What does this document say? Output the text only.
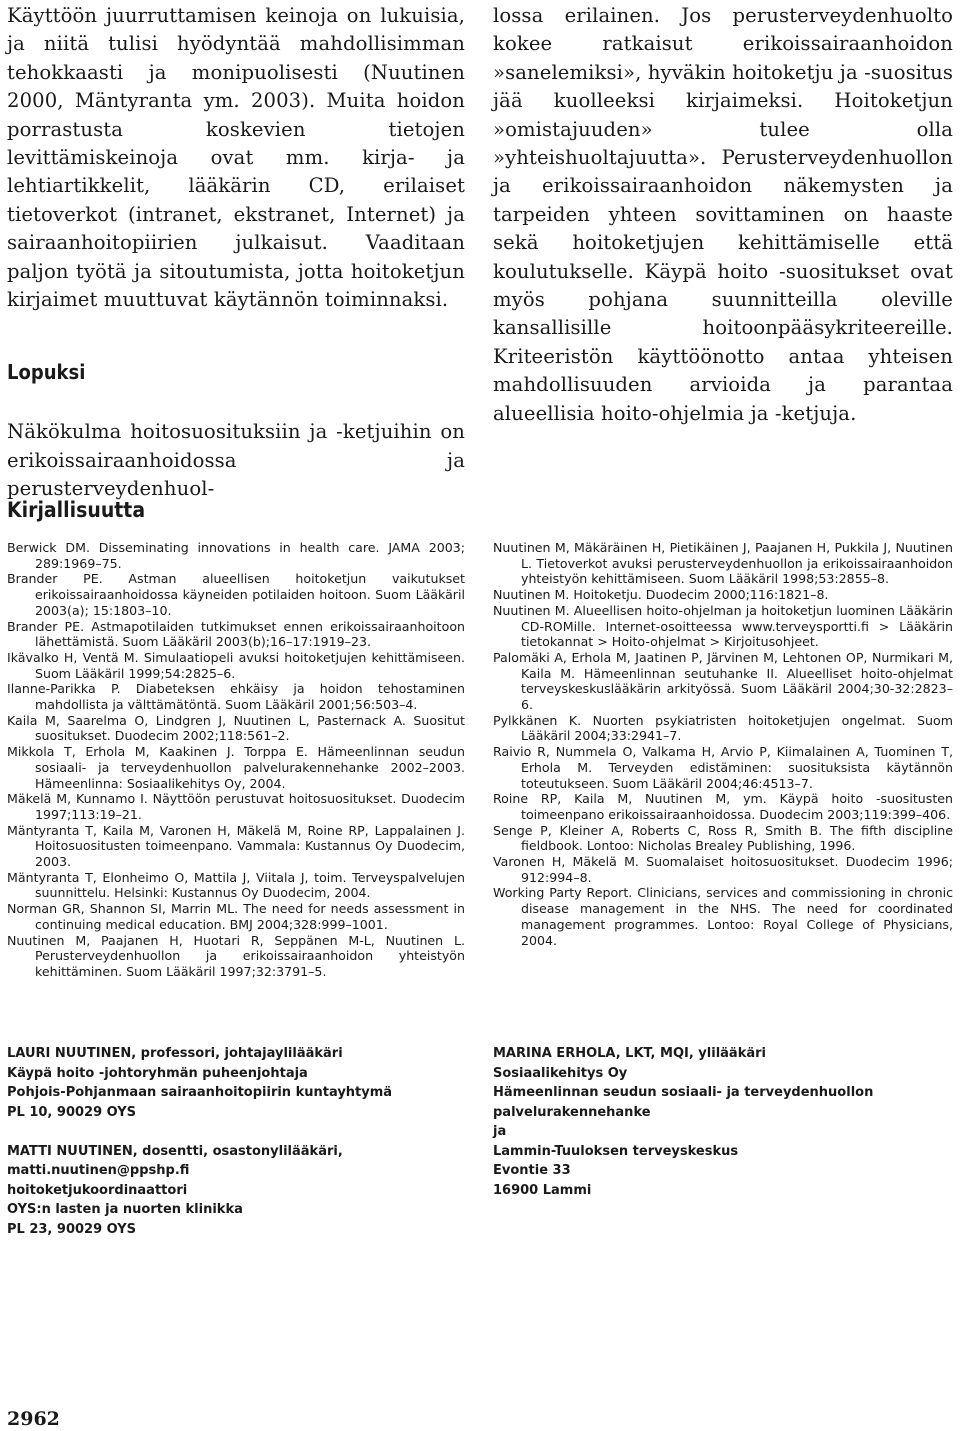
Käyttöön juurruttamisen keinoja on lukuisia, ja niitä tulisi hyödyntää mahdollisimman tehokkaasti ja monipuolisesti (Nuutinen 2000, Mäntyranta ym. 2003). Muita hoidon porrastusta koskevien tietojen levittämiskeinoja ovat mm. kirja- ja lehtiartikkelit, lääkärin CD, erilaiset tietoverkot (intranet, ekstranet, Internet) ja sairaanhoitopiirien julkaisut. Vaaditaan paljon työtä ja sitoutumista, jotta hoitoketjun kirjaimet muuttuvat käytännön toiminnaksi.

Lopuksi

Näkökulma hoitosuosituksiin ja -ketjuihin on erikoissairaanhoidossa ja perusterveydenhuol-

lossa erilainen. Jos perusterveydenhuolto kokee ratkaisut erikoissairaanhoidon »sanelemiksi», hyväkin hoitoketju ja -suositus jää kuolleeksi kirjaimeksi. Hoitoketjun »omistajuuden» tulee olla »yhteishuoltajuutta». Perusterveydenhuollon ja erikoissairaanhoidon näkemysten ja tarpeiden yhteen sovittaminen on haaste sekä hoitoketjujen kehittämiselle että koulutukselle. Käypä hoito -suositukset ovat myös pohjana suunnitteilla oleville kansallisille hoitoonpääsykriteereille. Kriteeristön käyttöönotto antaa yhteisen mahdollisuuden arvioida ja parantaa alueellisia hoito-ohjelmia ja -ketjuja.

Kirjallisuutta

Berwick DM. Disseminating innovations in health care. JAMA 2003; 289:1969–75.

Brander PE. Astman alueellisen hoitoketjun vaikutukset erikoissairaanhoidossa käyneiden potilaiden hoitoon. Suom Lääkäril 2003(a); 15:1803–10.

Brander PE. Astmapotilaiden tutkimukset ennen erikoissairaanhoitoon lähettämistä. Suom Lääkäril 2003(b);16–17:1919–23.

Ikävalko H, Ventä M. Simulaatiopeli avuksi hoitoketjujen kehittämiseen. Suom Lääkäril 1999;54:2825–6.

Ilanne-Parikka P. Diabeteksen ehkäisy ja hoidon tehostaminen mahdollista ja välttämätöntä. Suom Lääkäril 2001;56:503–4.

Kaila M, Saarelma O, Lindgren J, Nuutinen L, Pasternack A. Suositut suositukset. Duodecim 2002;118:561–2.

Mikkola T, Erhola M, Kaakinen J. Torppa E. Hämeenlinnan seudun sosiaali- ja terveydenhuollon palvelurakennehanke 2002–2003. Hämeenlinna: Sosiaalikehitys Oy, 2004.

Mäkelä M, Kunnamo I. Näyttöön perustuvat hoitosuositukset. Duodecim 1997;113:19–21.

Mäntyranta T, Kaila M, Varonen H, Mäkelä M, Roine RP, Lappalainen J. Hoitosuositusten toimeenpano. Vammala: Kustannus Oy Duodecim, 2003.

Mäntyranta T, Elonheimo O, Mattila J, Viitala J, toim. Terveyspalvelujen suunnittelu. Helsinki: Kustannus Oy Duodecim, 2004.

Norman GR, Shannon SI, Marrin ML. The need for needs assessment in continuing medical education. BMJ 2004;328:999–1001.

Nuutinen M, Paajanen H, Huotari R, Seppänen M-L, Nuutinen L. Perusterveydenhuollon ja erikoissairaanhoidon yhteistyön kehittäminen. Suom Lääkäril 1997;32:3791–5.

Nuutinen M, Mäkäräinen H, Pietikäinen J, Paajanen H, Pukkila J, Nuutinen L. Tietoverkot avuksi perusterveydenhuollon ja erikoissairaanhoidon yhteistyön kehittämiseen. Suom Lääkäril 1998;53:2855–8.

Nuutinen M. Hoitoketju. Duodecim 2000;116:1821–8.

Nuutinen M. Alueellisen hoito-ohjelman ja hoitoketjun luominen Lääkärin CD-ROMille. Internet-osoitteessa www.terveysportti.fi > Lääkärin tietokannat > Hoito-ohjelmat > Kirjoitusohjeet.

Palomäki A, Erhola M, Jaatinen P, Järvinen M, Lehtonen OP, Nurmikari M, Kaila M. Hämeenlinnan seutuhanke II. Alueelliset hoito-ohjelmat terveyskeskuslääkärin arkityössä. Suom Lääkäril 2004;30-32:2823–6.

Pylkkänen K. Nuorten psykiatristen hoitoketjujen ongelmat. Suom Lääkäril 2004;33:2941–7.

Raivio R, Nummela O, Valkama H, Arvio P, Kiimalainen A, Tuominen T, Erhola M. Terveyden edistäminen: suosituksista käytännön toteutukseen. Suom Lääkäril 2004;46:4513–7.

Roine RP, Kaila M, Nuutinen M, ym. Käypä hoito -suositusten toimeenpano erikoissairaanhoidossa. Duodecim 2003;119:399–406.

Senge P, Kleiner A, Roberts C, Ross R, Smith B. The fifth discipline fieldbook. Lontoo: Nicholas Brealey Publishing, 1996.

Varonen H, Mäkelä M. Suomalaiset hoitosuositukset. Duodecim 1996; 912:994–8.

Working Party Report. Clinicians, services and commissioning in chronic disease management in the NHS. The need for coordinated management programmes. Lontoo: Royal College of Physicians, 2004.

LAURI NUUTINEN, professori, johtajaylilääkäri
Käypä hoito -johtoryhmän puheenjohtaja
Pohjois-Pohjanmaan sairaanhoitopiirin kuntayhtymä
PL 10, 90029 OYS
MATTI NUUTINEN, dosentti, osastonylilääkäri,
matti.nuutinen@ppshp.fi
hoitoketjukoordinaattori
OYS:n lasten ja nuorten klinikka
PL 23, 90029 OYS
MARINA ERHOLA, LKT, MQI, ylilääkäri
Sosiaalikehitys Oy
Hämeenlinnan seudun sosiaali- ja terveydenhuollon
palvelurakennehanke
ja
Lammin-Tuuloksen terveyskeskus
Evontie 33
16900 Lammi
2962
